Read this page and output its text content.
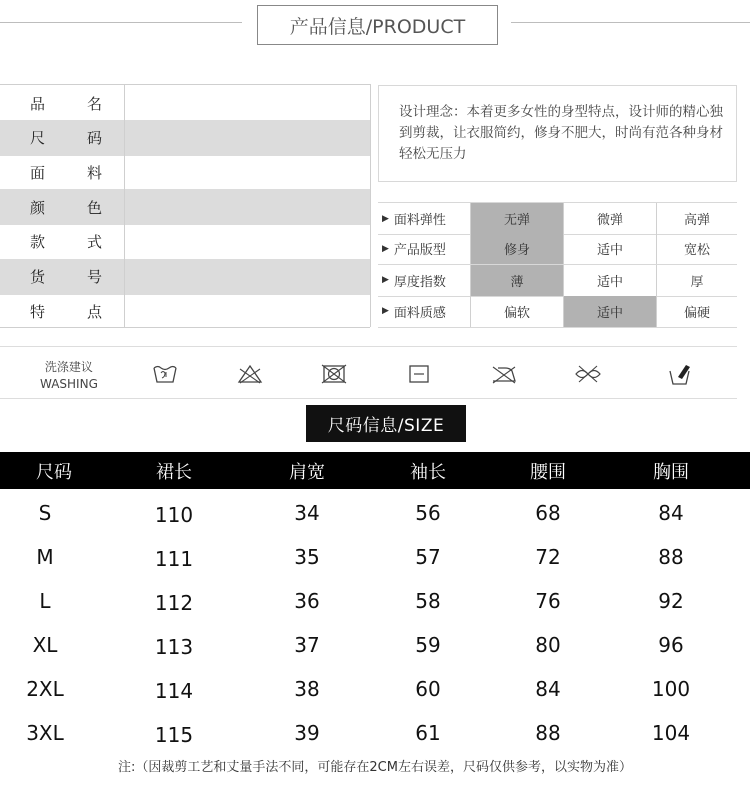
产品信息/PRODUCT
品	名
尺	码
面	料
颜	色
款	式
货	号
特	点
设计理念：本着更多女性的身型特点，设计师的精心独到剪裁，让衣服简约，修身不肥大，时尚有范各种身材轻松无压力
▶ 面料弹性	无弹	微弹	高弹
▶ 产品版型	修身	适中	宽松
▶ 厚度指数	薄	适中	厚
▶ 面料质感	偏软	适中	偏硬
洗涤建议
WASHING
尺码信息/SIZE
尺码	裙长	肩宽	袖长	腰围	胸围
S	110	34	56	68	84
M	111	35	57	72	88
L	112	36	58	76	92
XL	113	37	59	80	96
2XL	114	38	60	84	100
3XL	115	39	61	88	104
注:（因裁剪工艺和丈量手法不同，可能存在2CM左右误差，尺码仅供参考，以实物为准）
